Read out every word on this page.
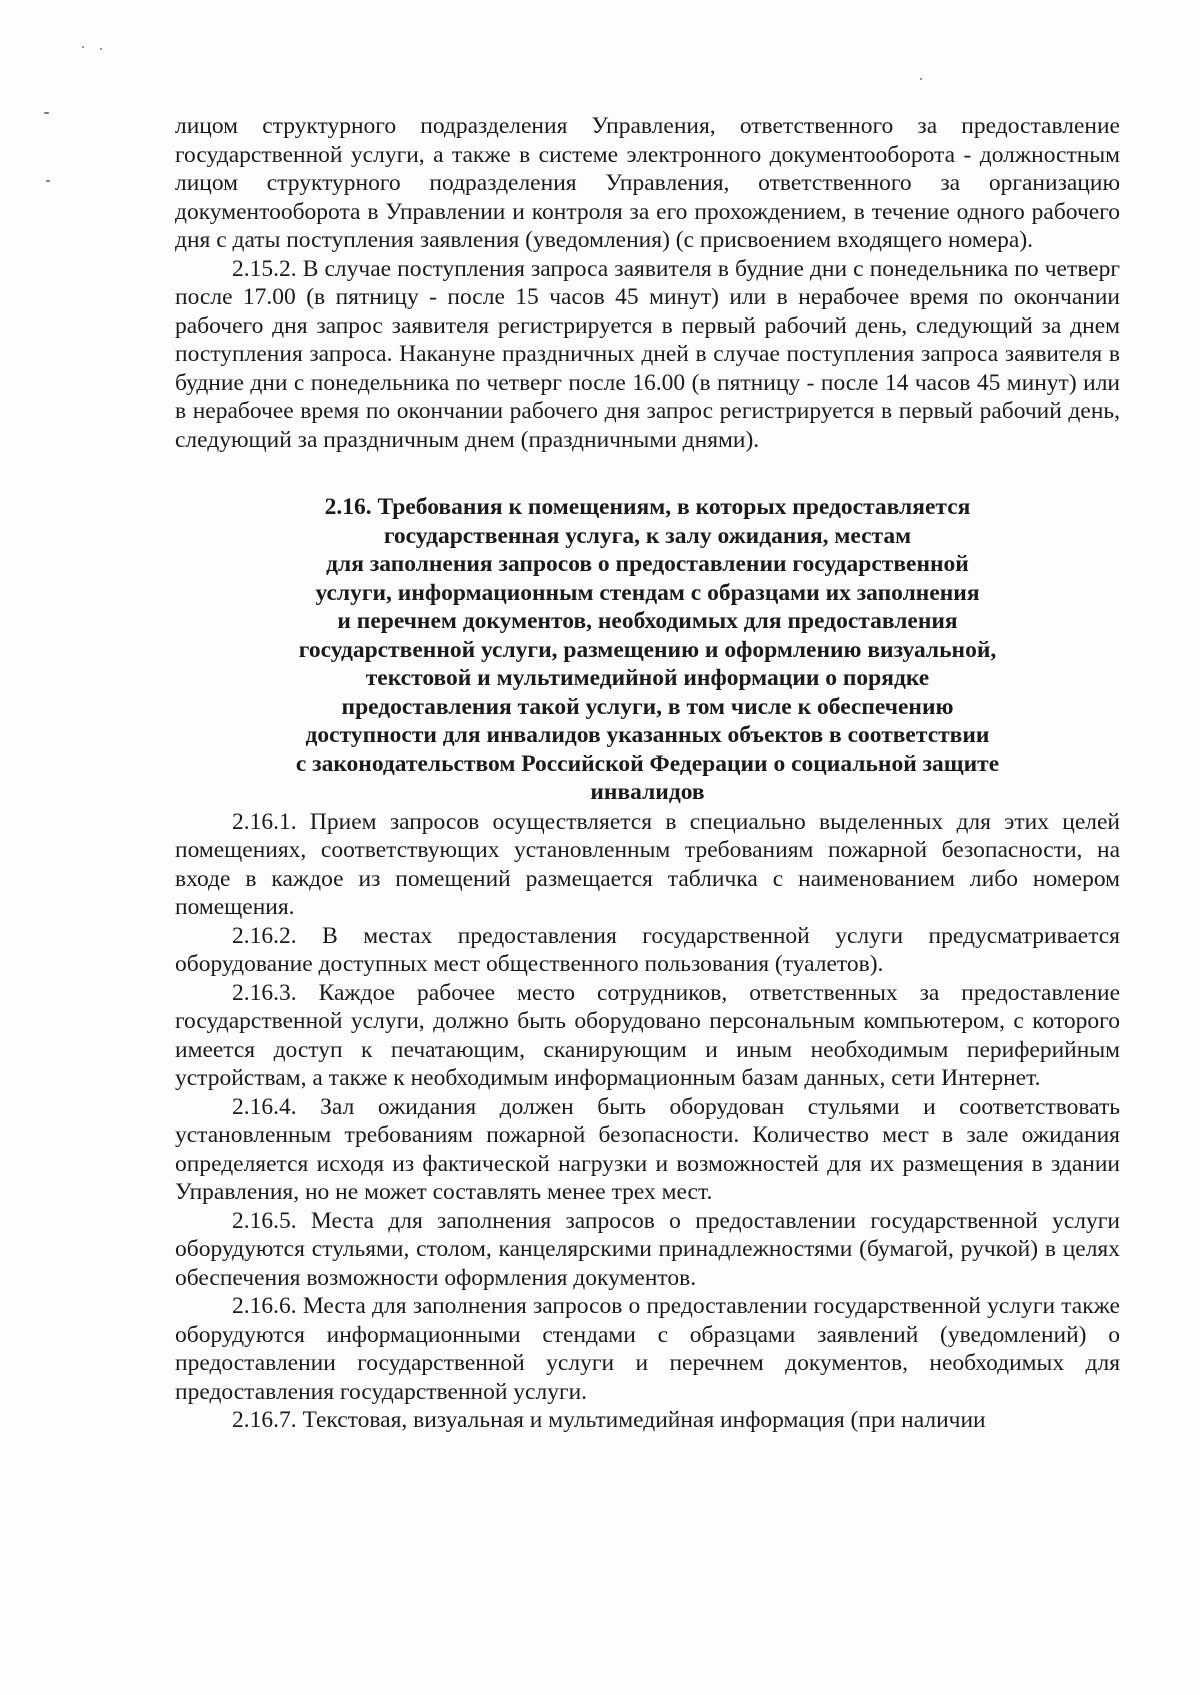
лицом структурного подразделения Управления, ответственного за предоставление государственной услуги, а также в системе электронного документооборота - должностным лицом структурного подразделения Управления, ответственного за организацию документооборота в Управлении и контроля за его прохождением, в течение одного рабочего дня с даты поступления заявления (уведомления) (с присвоением входящего номера).

2.15.2. В случае поступления запроса заявителя в будние дни с понедельника по четверг после 17.00 (в пятницу - после 15 часов 45 минут) или в нерабочее время по окончании рабочего дня запрос заявителя регистрируется в первый рабочий день, следующий за днем поступления запроса. Накануне праздничных дней в случае поступления запроса заявителя в будние дни с понедельника по четверг после 16.00 (в пятницу - после 14 часов 45 минут) или в нерабочее время по окончании рабочего дня запрос регистрируется в первый рабочий день, следующий за праздничным днем (праздничными днями).

2.16. Требования к помещениям, в которых предоставляется
государственная услуга, к залу ожидания, местам
для заполнения запросов о предоставлении государственной
услуги, информационным стендам с образцами их заполнения
и перечнем документов, необходимых для предоставления
государственной услуги, размещению и оформлению визуальной,
текстовой и мультимедийной информации о порядке
предоставления такой услуги, в том числе к обеспечению
доступности для инвалидов указанных объектов в соответствии
с законодательством Российской Федерации о социальной защите
инвалидов

2.16.1. Прием запросов осуществляется в специально выделенных для этих целей помещениях, соответствующих установленным требованиям пожарной безопасности, на входе в каждое из помещений размещается табличка с наименованием либо номером помещения.

2.16.2. В местах предоставления государственной услуги предусматривается оборудование доступных мест общественного пользования (туалетов).

2.16.3. Каждое рабочее место сотрудников, ответственных за предоставление государственной услуги, должно быть оборудовано персональным компьютером, с которого имеется доступ к печатающим, сканирующим и иным необходимым периферийным устройствам, а также к необходимым информационным базам данных, сети Интернет.

2.16.4. Зал ожидания должен быть оборудован стульями и соответствовать установленным требованиям пожарной безопасности. Количество мест в зале ожидания определяется исходя из фактической нагрузки и возможностей для их размещения в здании Управления, но не может составлять менее трех мест.

2.16.5. Места для заполнения запросов о предоставлении государственной услуги оборудуются стульями, столом, канцелярскими принадлежностями (бумагой, ручкой) в целях обеспечения возможности оформления документов.

2.16.6. Места для заполнения запросов о предоставлении государственной услуги также оборудуются информационными стендами с образцами заявлений (уведомлений) о предоставлении государственной услуги и перечнем документов, необходимых для предоставления государственной услуги.

2.16.7. Текстовая, визуальная и мультимедийная информация (при наличии
